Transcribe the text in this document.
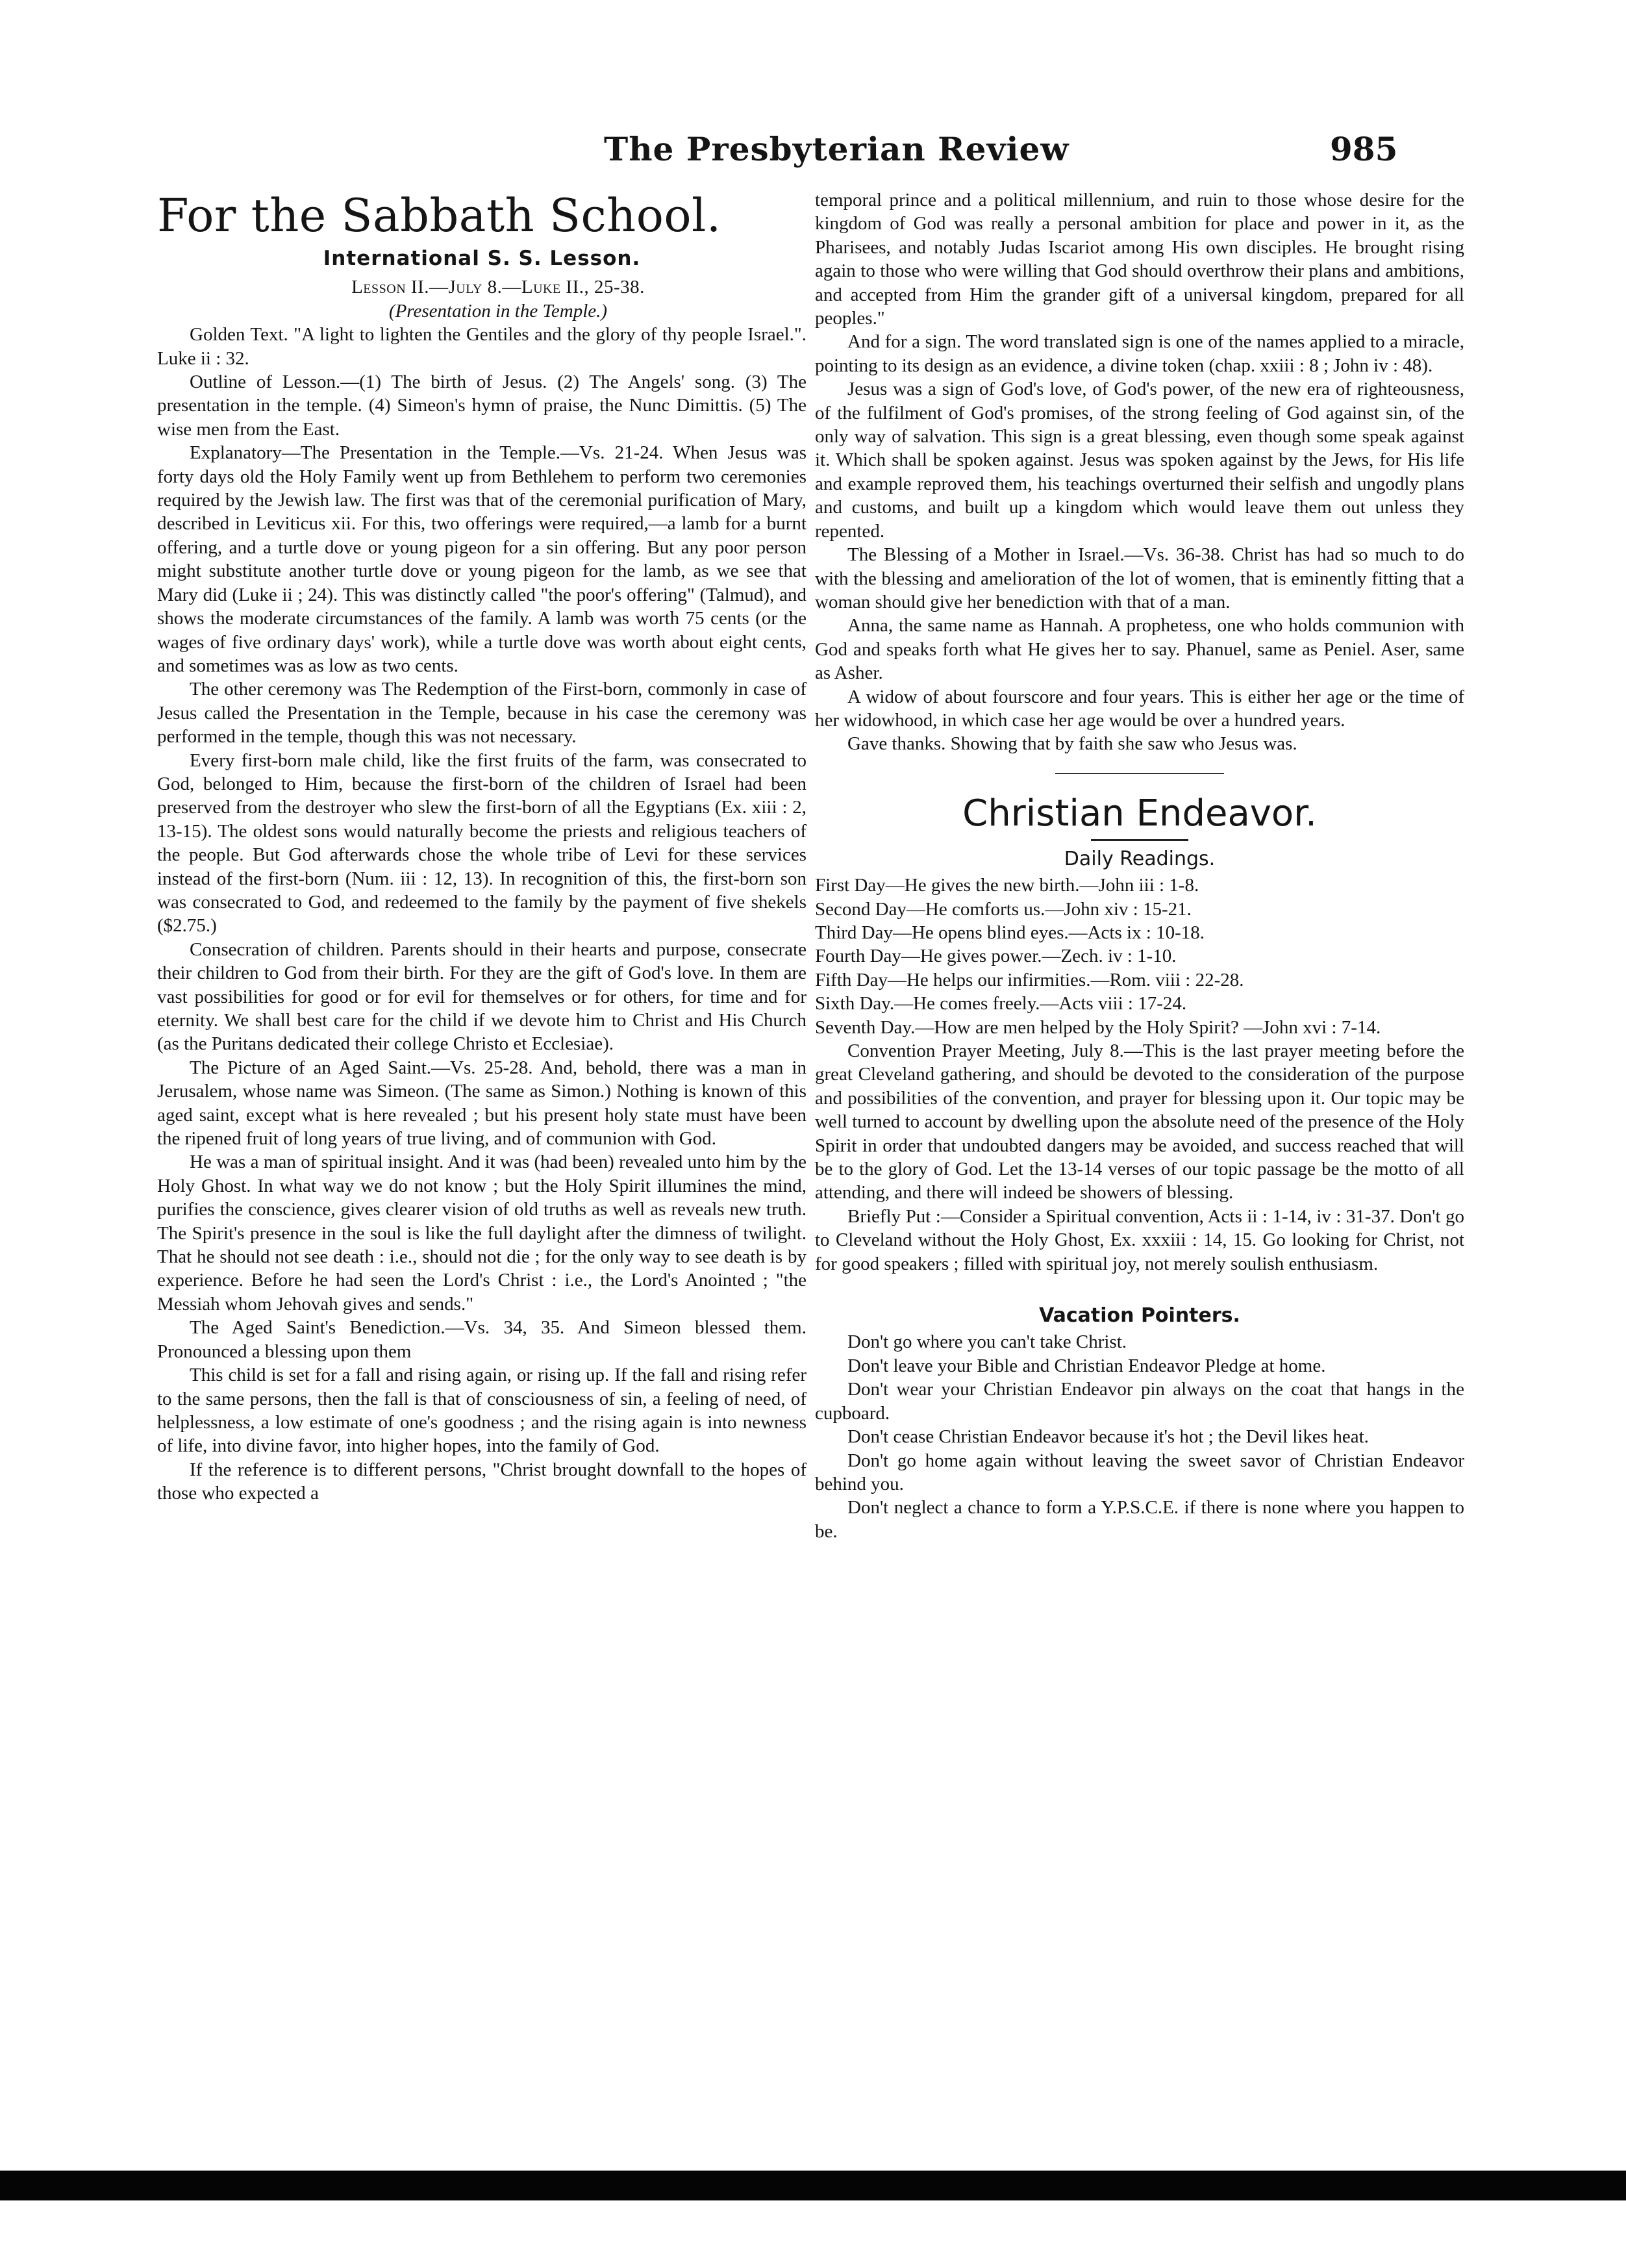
The Presbyterian Review	985
For the Sabbath School.
International S. S. Lesson.

Lesson II.—July 8.—Luke II., 25-38.

(Presentation in the Temple.)

Golden Text. "A light to lighten the Gentiles and the glory of thy people Israel.". Luke ii : 32.

Outline of Lesson.—(1) The birth of Jesus. (2) The Angels' song. (3) The presentation in the temple. (4) Simeon's hymn of praise, the Nunc Dimittis. (5) The wise men from the East.

Explanatory—The Presentation in the Temple.—Vs. 21-24. When Jesus was forty days old the Holy Family went up from Bethlehem to perform two ceremonies required by the Jewish law. The first was that of the ceremonial purification of Mary, described in Leviticus xii. For this, two offerings were required,—a lamb for a burnt offering, and a turtle dove or young pigeon for a sin offering. But any poor person might substitute another turtle dove or young pigeon for the lamb, as we see that Mary did (Luke ii ; 24). This was distinctly called "the poor's offering" (Talmud), and shows the moderate circumstances of the family. A lamb was worth 75 cents (or the wages of five ordinary days' work), while a turtle dove was worth about eight cents, and sometimes was as low as two cents.

The other ceremony was The Redemption of the First-born, commonly in case of Jesus called the Presentation in the Temple, because in his case the ceremony was performed in the temple, though this was not necessary.

Every first-born male child, like the first fruits of the farm, was consecrated to God, belonged to Him, because the first-born of the children of Israel had been preserved from the destroyer who slew the first-born of all the Egyptians (Ex. xiii : 2, 13-15). The oldest sons would naturally become the priests and religious teachers of the people. But God afterwards chose the whole tribe of Levi for these services instead of the first-born (Num. iii : 12, 13). In recognition of this, the first-born son was consecrated to God, and redeemed to the family by the payment of five shekels ($2.75.)

Consecration of children. Parents should in their hearts and purpose, consecrate their children to God from their birth. For they are the gift of God's love. In them are vast possibilities for good or for evil for themselves or for others, for time and for eternity. We shall best care for the child if we devote him to Christ and His Church (as the Puritans dedicated their college Christo et Ecclesiae).

The Picture of an Aged Saint.—Vs. 25-28. And, behold, there was a man in Jerusalem, whose name was Simeon. (The same as Simon.) Nothing is known of this aged saint, except what is here revealed ; but his present holy state must have been the ripened fruit of long years of true living, and of communion with God.

He was a man of spiritual insight. And it was (had been) revealed unto him by the Holy Ghost. In what way we do not know ; but the Holy Spirit illumines the mind, purifies the conscience, gives clearer vision of old truths as well as reveals new truth. The Spirit's presence in the soul is like the full daylight after the dimness of twilight. That he should not see death : i.e., should not die ; for the only way to see death is by experience. Before he had seen the Lord's Christ : i.e., the Lord's Anointed ; "the Messiah whom Jehovah gives and sends."

The Aged Saint's Benediction.—Vs. 34, 35. And Simeon blessed them. Pronounced a blessing upon them

This child is set for a fall and rising again, or rising up. If the fall and rising refer to the same persons, then the fall is that of consciousness of sin, a feeling of need, of helplessness, a low estimate of one's goodness ; and the rising again is into newness of life, into divine favor, into higher hopes, into the family of God.

If the reference is to different persons, "Christ brought downfall to the hopes of those who expected a

temporal prince and a political millennium, and ruin to those whose desire for the kingdom of God was really a personal ambition for place and power in it, as the Pharisees, and notably Judas Iscariot among His own disciples. He brought rising again to those who were willing that God should overthrow their plans and ambitions, and accepted from Him the grander gift of a universal kingdom, prepared for all peoples."

And for a sign. The word translated sign is one of the names applied to a miracle, pointing to its design as an evidence, a divine token (chap. xxiii : 8 ; John iv : 48).

Jesus was a sign of God's love, of God's power, of the new era of righteousness, of the fulfilment of God's promises, of the strong feeling of God against sin, of the only way of salvation. This sign is a great blessing, even though some speak against it. Which shall be spoken against. Jesus was spoken against by the Jews, for His life and example reproved them, his teachings overturned their selfish and ungodly plans and customs, and built up a kingdom which would leave them out unless they repented.

The Blessing of a Mother in Israel.—Vs. 36-38. Christ has had so much to do with the blessing and amelioration of the lot of women, that is eminently fitting that a woman should give her benediction with that of a man.

Anna, the same name as Hannah. A prophetess, one who holds communion with God and speaks forth what He gives her to say. Phanuel, same as Peniel. Aser, same as Asher.

A widow of about fourscore and four years. This is either her age or the time of her widowhood, in which case her age would be over a hundred years.

Gave thanks. Showing that by faith she saw who Jesus was.

Christian Endeavor.
Daily Readings.

First Day—He gives the new birth.—John iii : 1-8.

Second Day—He comforts us.—John xiv : 15-21.

Third Day—He opens blind eyes.—Acts ix : 10-18.

Fourth Day—He gives power.—Zech. iv : 1-10.

Fifth Day—He helps our infirmities.—Rom. viii : 22-28.

Sixth Day.—He comes freely.—Acts viii : 17-24.

Seventh Day.—How are men helped by the Holy Spirit? —John xvi : 7-14.

Convention Prayer Meeting, July 8.—This is the last prayer meeting before the great Cleveland gathering, and should be devoted to the consideration of the purpose and possibilities of the convention, and prayer for blessing upon it. Our topic may be well turned to account by dwelling upon the absolute need of the presence of the Holy Spirit in order that undoubted dangers may be avoided, and success reached that will be to the glory of God. Let the 13-14 verses of our topic passage be the motto of all attending, and there will indeed be showers of blessing.

Briefly Put :—Consider a Spiritual convention, Acts ii : 1-14, iv : 31-37. Don't go to Cleveland without the Holy Ghost, Ex. xxxiii : 14, 15. Go looking for Christ, not for good speakers ; filled with spiritual joy, not merely soulish enthusiasm.

Vacation Pointers.

Don't go where you can't take Christ.

Don't leave your Bible and Christian Endeavor Pledge at home.

Don't wear your Christian Endeavor pin always on the coat that hangs in the cupboard.

Don't cease Christian Endeavor because it's hot ; the Devil likes heat.

Don't go home again without leaving the sweet savor of Christian Endeavor behind you.

Don't neglect a chance to form a Y.P.S.C.E. if there is none where you happen to be.
